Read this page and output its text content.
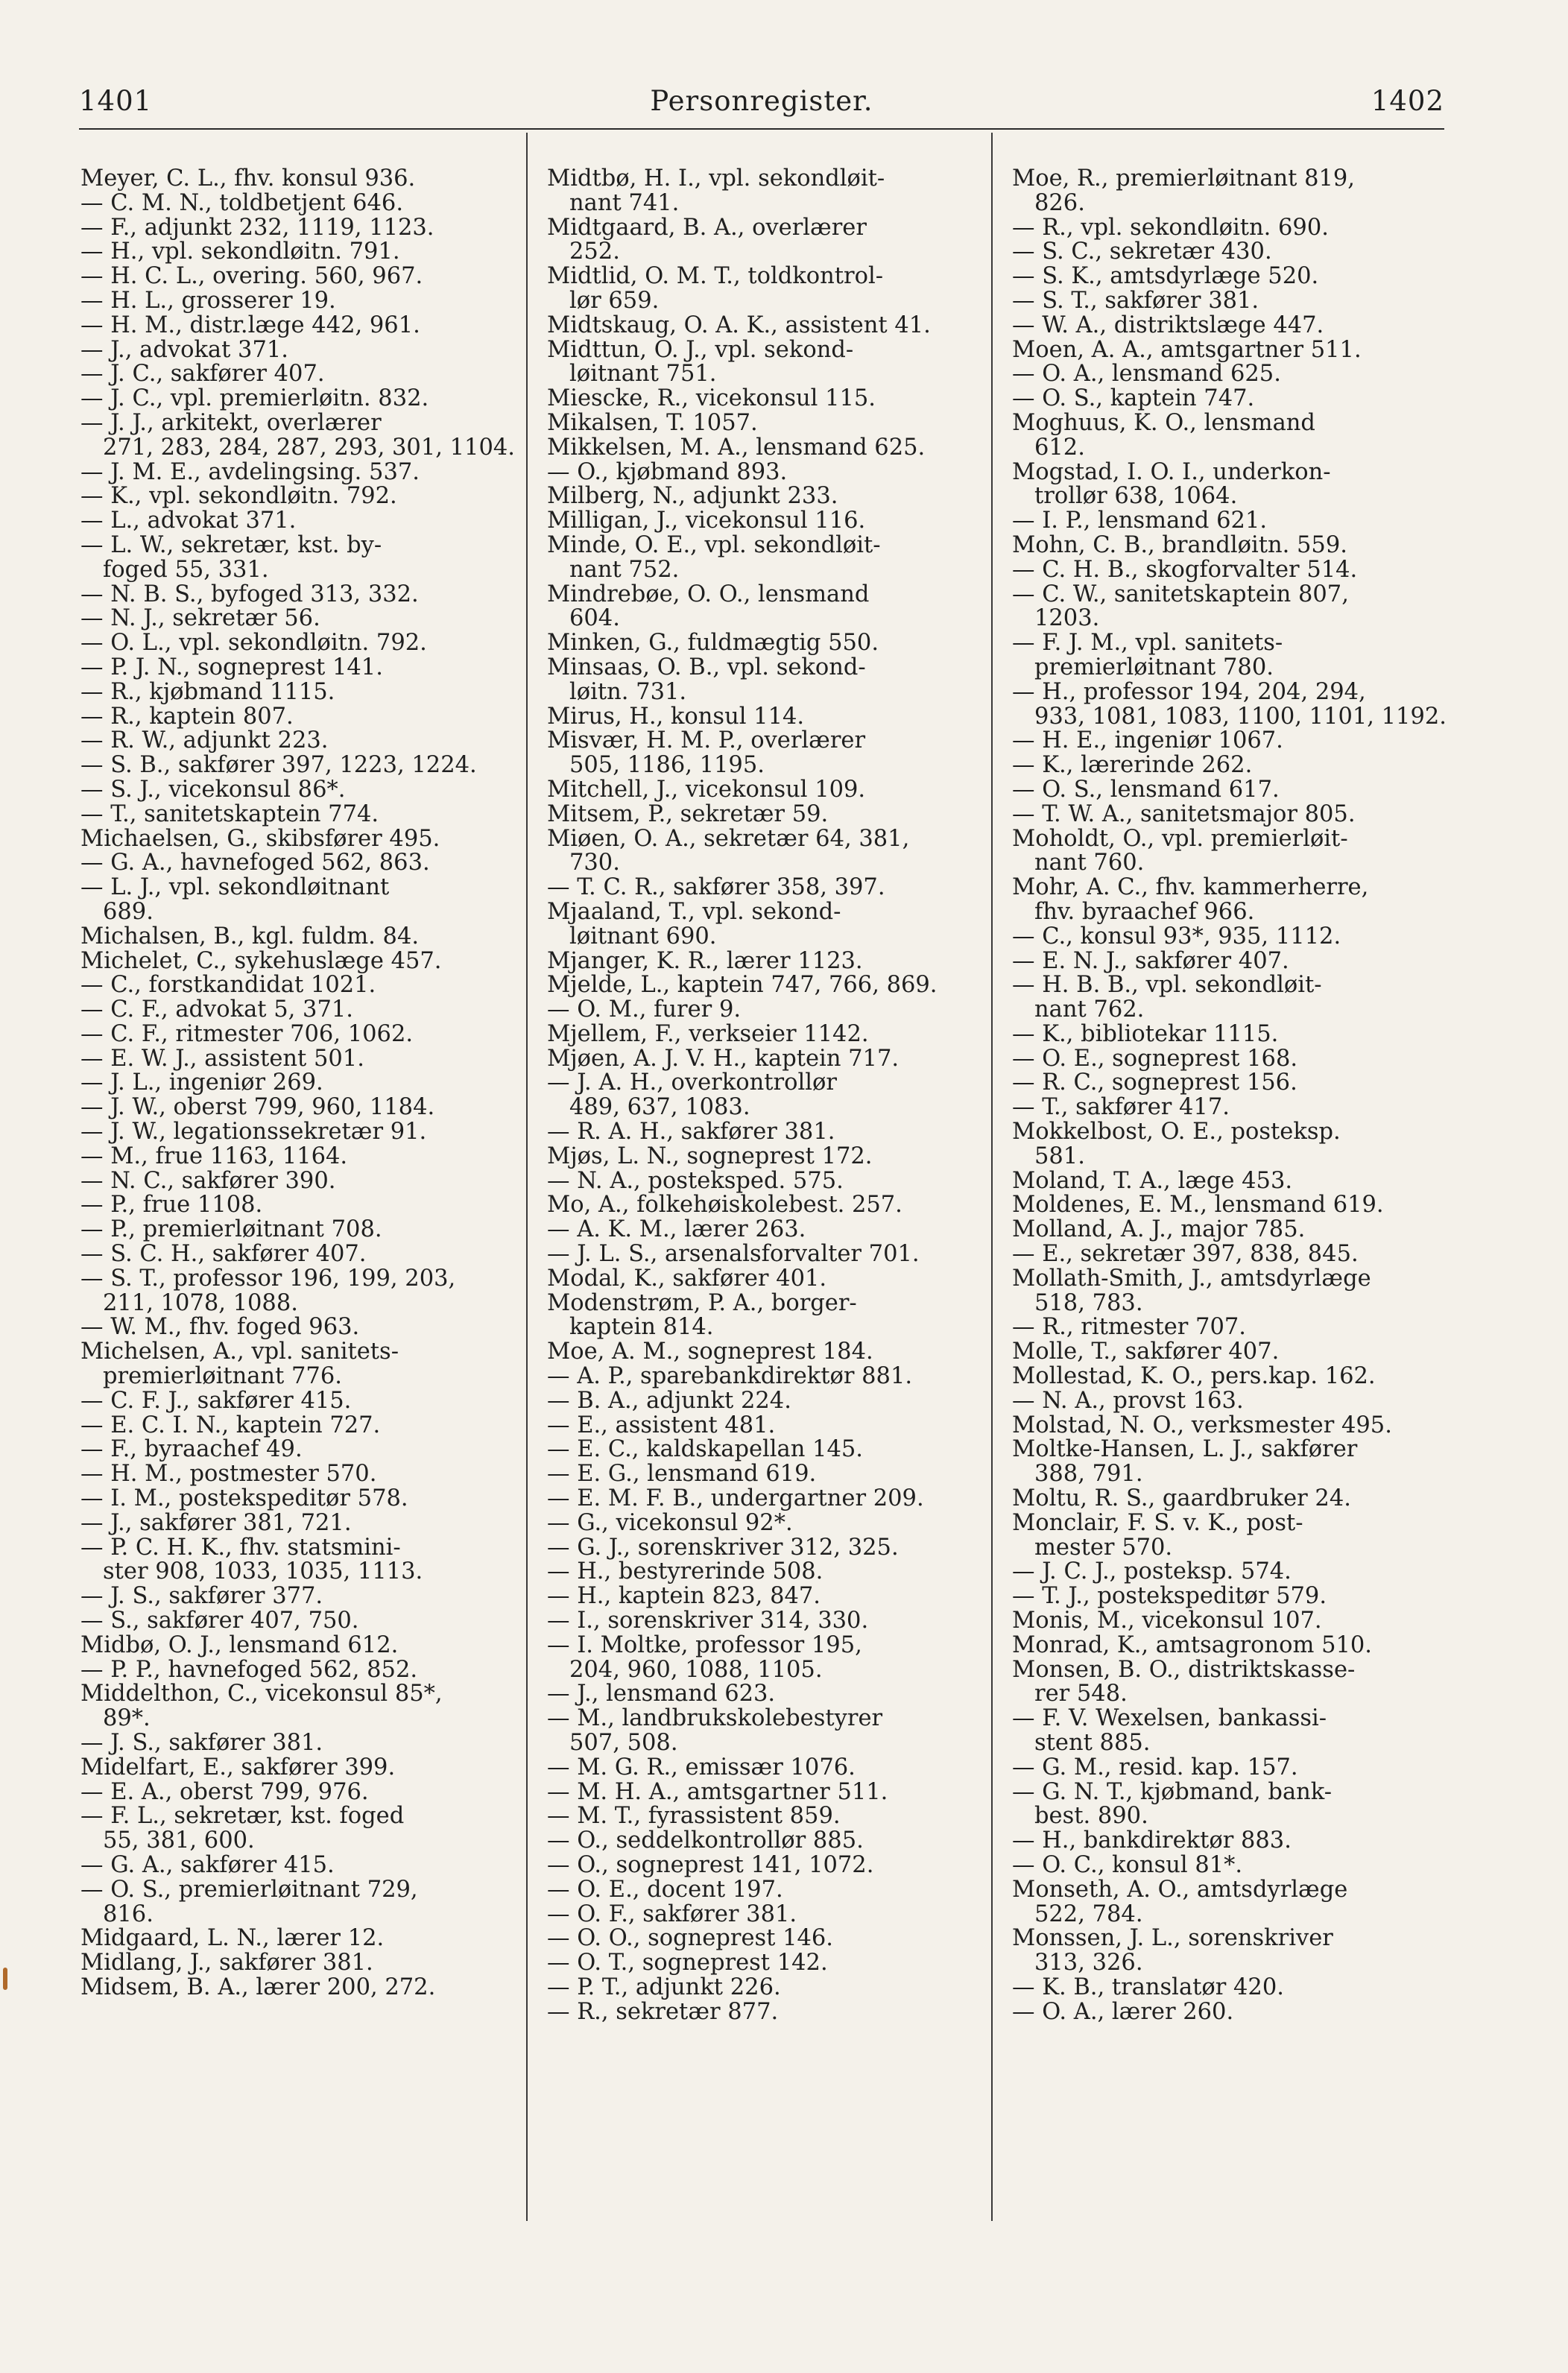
1401	Personregister.	1402
Meyer, C. L., fhv. konsul 936.
— C. M. N., toldbetjent 646.
— F., adjunkt 232, 1119, 1123.
— H., vpl. sekondløitn. 791.
— H. C. L., overing. 560, 967.
— H. L., grosserer 19.
— H. M., distr.læge 442, 961.
— J., advokat 371.
— J. C., sakfører 407.
— J. C., vpl. premierløitn. 832.
— J. J., arkitekt, overlærer
271, 283, 284, 287, 293, 301, 1104.
— J. M. E., avdelingsing. 537.
— K., vpl. sekondløitn. 792.
— L., advokat 371.
— L. W., sekretær, kst. by-
foged 55, 331.
— N. B. S., byfoged 313, 332.
— N. J., sekretær 56.
— O. L., vpl. sekondløitn. 792.
— P. J. N., sogneprest 141.
— R., kjøbmand 1115.
— R., kaptein 807.
— R. W., adjunkt 223.
— S. B., sakfører 397, 1223, 1224.
— S. J., vicekonsul 86*.
— T., sanitetskaptein 774.
Michaelsen, G., skibsfører 495.
— G. A., havnefoged 562, 863.
— L. J., vpl. sekondløitnant
689.
Michalsen, B., kgl. fuldm. 84.
Michelet, C., sykehuslæge 457.
— C., forstkandidat 1021.
— C. F., advokat 5, 371.
— C. F., ritmester 706, 1062.
— E. W. J., assistent 501.
— J. L., ingeniør 269.
— J. W., oberst 799, 960, 1184.
— J. W., legationssekretær 91.
— M., frue 1163, 1164.
— N. C., sakfører 390.
— P., frue 1108.
— P., premierløitnant 708.
— S. C. H., sakfører 407.
— S. T., professor 196, 199, 203,
211, 1078, 1088.
— W. M., fhv. foged 963.
Michelsen, A., vpl. sanitets-
premierløitnant 776.
— C. F. J., sakfører 415.
— E. C. I. N., kaptein 727.
— F., byraachef 49.
— H. M., postmester 570.
— I. M., postekspeditør 578.
— J., sakfører 381, 721.
— P. C. H. K., fhv. statsmini-
ster 908, 1033, 1035, 1113.
— J. S., sakfører 377.
— S., sakfører 407, 750.
Midbø, O. J., lensmand 612.
— P. P., havnefoged 562, 852.
Middelthon, C., vicekonsul 85*,
89*.
— J. S., sakfører 381.
Midelfart, E., sakfører 399.
— E. A., oberst 799, 976.
— F. L., sekretær, kst. foged
55, 381, 600.
— G. A., sakfører 415.
— O. S., premierløitnant 729,
816.
Midgaard, L. N., lærer 12.
Midlang, J., sakfører 381.
Midsem, B. A., lærer 200, 272.
Midtbø, H. I., vpl. sekondløit-
nant 741.
Midtgaard, B. A., overlærer
252.
Midtlid, O. M. T., toldkontrol-
lør 659.
Midtskaug, O. A. K., assistent 41.
Midttun, O. J., vpl. sekond-
løitnant 751.
Miescke, R., vicekonsul 115.
Mikalsen, T. 1057.
Mikkelsen, M. A., lensmand 625.
— O., kjøbmand 893.
Milberg, N., adjunkt 233.
Milligan, J., vicekonsul 116.
Minde, O. E., vpl. sekondløit-
nant 752.
Mindrebøe, O. O., lensmand
604.
Minken, G., fuldmægtig 550.
Minsaas, O. B., vpl. sekond-
løitn. 731.
Mirus, H., konsul 114.
Misvær, H. M. P., overlærer
505, 1186, 1195.
Mitchell, J., vicekonsul 109.
Mitsem, P., sekretær 59.
Miøen, O. A., sekretær 64, 381,
730.
— T. C. R., sakfører 358, 397.
Mjaaland, T., vpl. sekond-
løitnant 690.
Mjanger, K. R., lærer 1123.
Mjelde, L., kaptein 747, 766, 869.
— O. M., furer 9.
Mjellem, F., verkseier 1142.
Mjøen, A. J. V. H., kaptein 717.
— J. A. H., overkontrollør
489, 637, 1083.
— R. A. H., sakfører 381.
Mjøs, L. N., sogneprest 172.
— N. A., posteksped. 575.
Mo, A., folkehøiskolebest. 257.
— A. K. M., lærer 263.
— J. L. S., arsenalsforvalter 701.
Modal, K., sakfører 401.
Modenstrøm, P. A., borger-
kaptein 814.
Moe, A. M., sogneprest 184.
— A. P., sparebankdirektør 881.
— B. A., adjunkt 224.
— E., assistent 481.
— E. C., kaldskapellan 145.
— E. G., lensmand 619.
— E. M. F. B., undergartner 209.
— G., vicekonsul 92*.
— G. J., sorenskriver 312, 325.
— H., bestyrerinde 508.
— H., kaptein 823, 847.
— I., sorenskriver 314, 330.
— I. Moltke, professor 195,
204, 960, 1088, 1105.
— J., lensmand 623.
— M., landbrukskolebestyrer
507, 508.
— M. G. R., emissær 1076.
— M. H. A., amtsgartner 511.
— M. T., fyrassistent 859.
— O., seddelkontrollør 885.
— O., sogneprest 141, 1072.
— O. E., docent 197.
— O. F., sakfører 381.
— O. O., sogneprest 146.
— O. T., sogneprest 142.
— P. T., adjunkt 226.
— R., sekretær 877.
Moe, R., premierløitnant 819,
826.
— R., vpl. sekondløitn. 690.
— S. C., sekretær 430.
— S. K., amtsdyrlæge 520.
— S. T., sakfører 381.
— W. A., distriktslæge 447.
Moen, A. A., amtsgartner 511.
— O. A., lensmand 625.
— O. S., kaptein 747.
Moghuus, K. O., lensmand
612.
Mogstad, I. O. I., underkon-
trollør 638, 1064.
— I. P., lensmand 621.
Mohn, C. B., brandløitn. 559.
— C. H. B., skogforvalter 514.
— C. W., sanitetskaptein 807,
1203.
— F. J. M., vpl. sanitets-
premierløitnant 780.
— H., professor 194, 204, 294,
933, 1081, 1083, 1100, 1101, 1192.
— H. E., ingeniør 1067.
— K., lærerinde 262.
— O. S., lensmand 617.
— T. W. A., sanitetsmajor 805.
Moholdt, O., vpl. premierløit-
nant 760.
Mohr, A. C., fhv. kammerherre,
fhv. byraachef 966.
— C., konsul 93*, 935, 1112.
— E. N. J., sakfører 407.
— H. B. B., vpl. sekondløit-
nant 762.
— K., bibliotekar 1115.
— O. E., sogneprest 168.
— R. C., sogneprest 156.
— T., sakfører 417.
Mokkelbost, O. E., posteksp.
581.
Moland, T. A., læge 453.
Moldenes, E. M., lensmand 619.
Molland, A. J., major 785.
— E., sekretær 397, 838, 845.
Mollath-Smith, J., amtsdyrlæge
518, 783.
— R., ritmester 707.
Molle, T., sakfører 407.
Mollestad, K. O., pers.kap. 162.
— N. A., provst 163.
Molstad, N. O., verksmester 495.
Moltke-Hansen, L. J., sakfører
388, 791.
Moltu, R. S., gaardbruker 24.
Monclair, F. S. v. K., post-
mester 570.
— J. C. J., posteksp. 574.
— T. J., postekspeditør 579.
Monis, M., vicekonsul 107.
Monrad, K., amtsagronom 510.
Monsen, B. O., distriktskasse-
rer 548.
— F. V. Wexelsen, bankassi-
stent 885.
— G. M., resid. kap. 157.
— G. N. T., kjøbmand, bank-
best. 890.
— H., bankdirektør 883.
— O. C., konsul 81*.
Monseth, A. O., amtsdyrlæge
522, 784.
Monssen, J. L., sorenskriver
313, 326.
— K. B., translatør 420.
— O. A., lærer 260.
